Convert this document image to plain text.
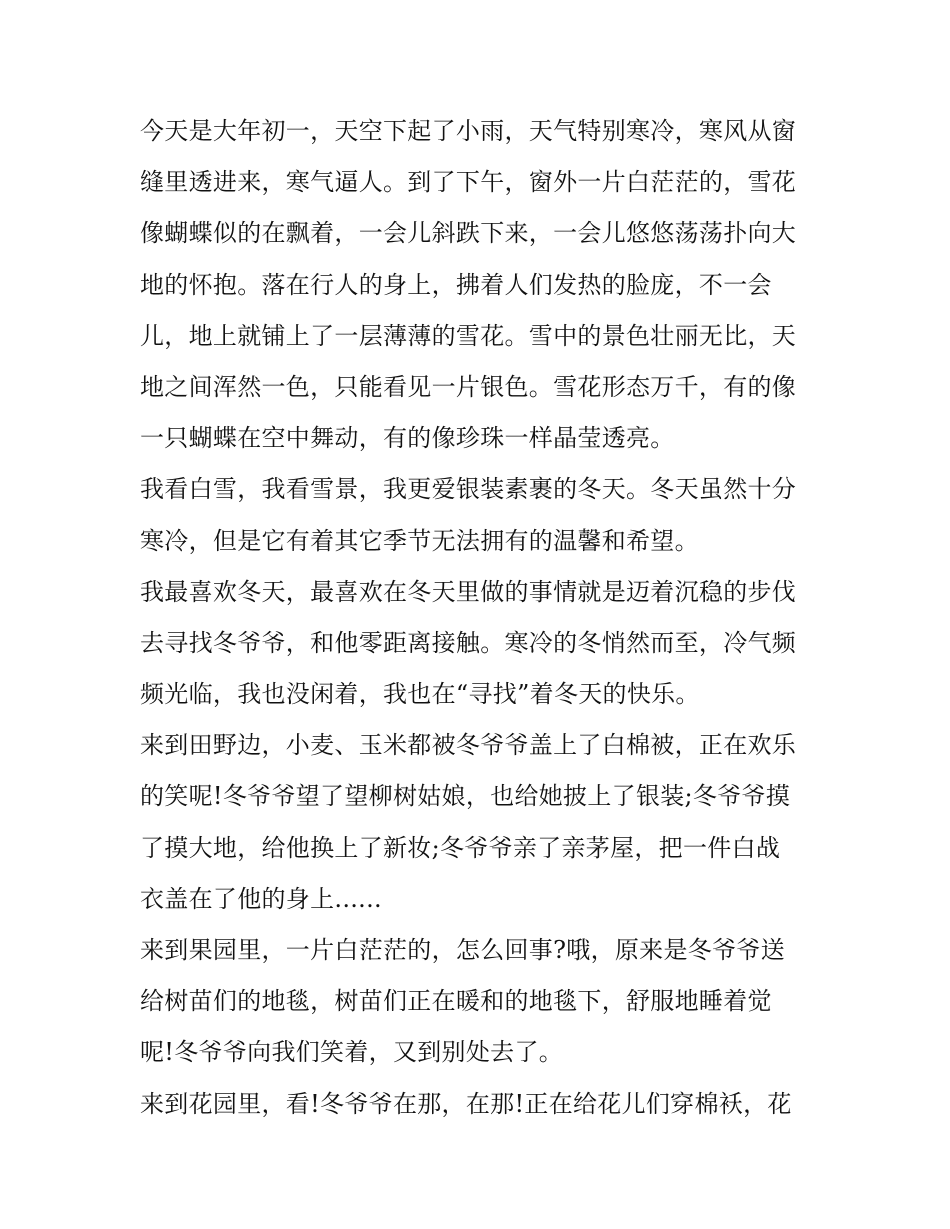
今天是大年初一，天空下起了小雨，天气特别寒冷，寒风从窗
缝里透进来，寒气逼人。到了下午，窗外一片白茫茫的，雪花
像蝴蝶似的在飘着，一会儿斜跌下来，一会儿悠悠荡荡扑向大
地的怀抱。落在行人的身上，拂着人们发热的脸庞，不一会
儿，地上就铺上了一层薄薄的雪花。雪中的景色壮丽无比，天
地之间浑然一色，只能看见一片银色。雪花形态万千，有的像
一只蝴蝶在空中舞动，有的像珍珠一样晶莹透亮。
我看白雪，我看雪景，我更爱银装素裹的冬天。冬天虽然十分
寒冷，但是它有着其它季节无法拥有的温馨和希望。
我最喜欢冬天，最喜欢在冬天里做的事情就是迈着沉稳的步伐
去寻找冬爷爷，和他零距离接触。寒冷的冬悄然而至，冷气频
频光临，我也没闲着，我也在“寻找”着冬天的快乐。
来到田野边，小麦、玉米都被冬爷爷盖上了白棉被，正在欢乐
的笑呢!冬爷爷望了望柳树姑娘，也给她披上了银装;冬爷爷摸
了摸大地，给他换上了新妆;冬爷爷亲了亲茅屋，把一件白战
衣盖在了他的身上......
来到果园里，一片白茫茫的，怎么回事?哦，原来是冬爷爷送
给树苗们的地毯，树苗们正在暖和的地毯下，舒服地睡着觉
呢!冬爷爷向我们笑着，又到别处去了。
来到花园里，看!冬爷爷在那，在那!正在给花儿们穿棉袄，花
